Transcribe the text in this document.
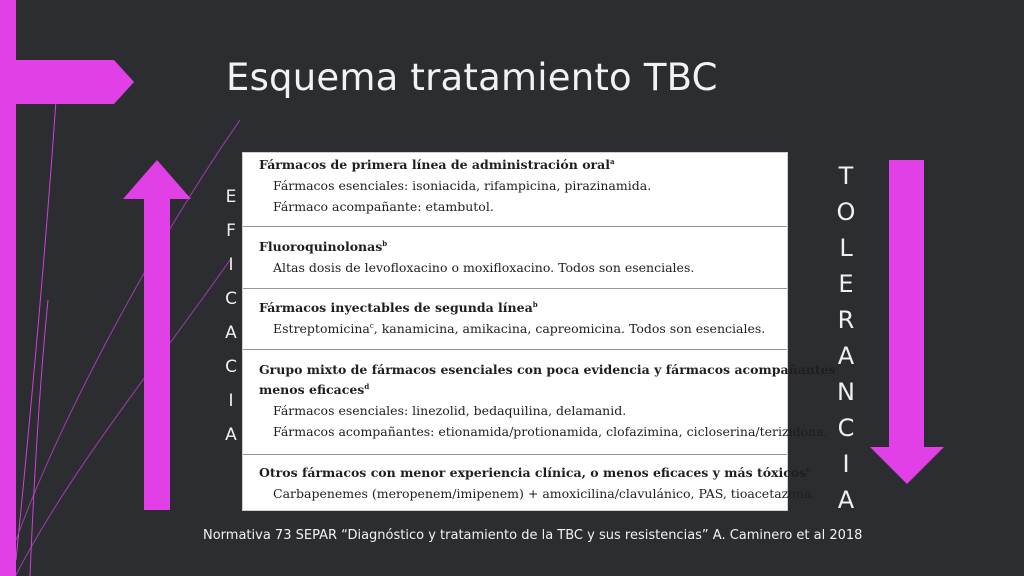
Esquema tratamiento TBC
E
F
I
C
A
C
I
A
T
O
L
E
R
A
N
C
I
A
Fármacos de primera línea de administración oral$^a$
Fármacos esenciales: isoniacida, rifampicina, pirazinamida.
Fármaco acompañante: etambutol.
Fluoroquinolonas$^b$
Altas dosis de levofloxacino o moxifloxacino. Todos son esenciales.
Fármacos inyectables de segunda línea$^b$
Estreptomicina$^c$, kanamicina, amikacina, capreomicina. Todos son esenciales.
Grupo mixto de fármacos esenciales con poca evidencia y fármacos acompañantes
menos eficaces$^d$
Fármacos esenciales: linezolid, bedaquilina, delamanid.
Fármacos acompañantes: etionamida/protionamida, clofazimina, cicloserina/terizidona.
Otros fármacos con menor experiencia clínica, o menos eficaces y más tóxicos$^e$
Carbapenemes (meropenem/imipenem) + amoxicilina/clavulánico, PAS, tioacetazona.
Normativa 73 SEPAR “Diagnóstico y tratamiento de la TBC y sus resistencias” A. Caminero et al 2018
